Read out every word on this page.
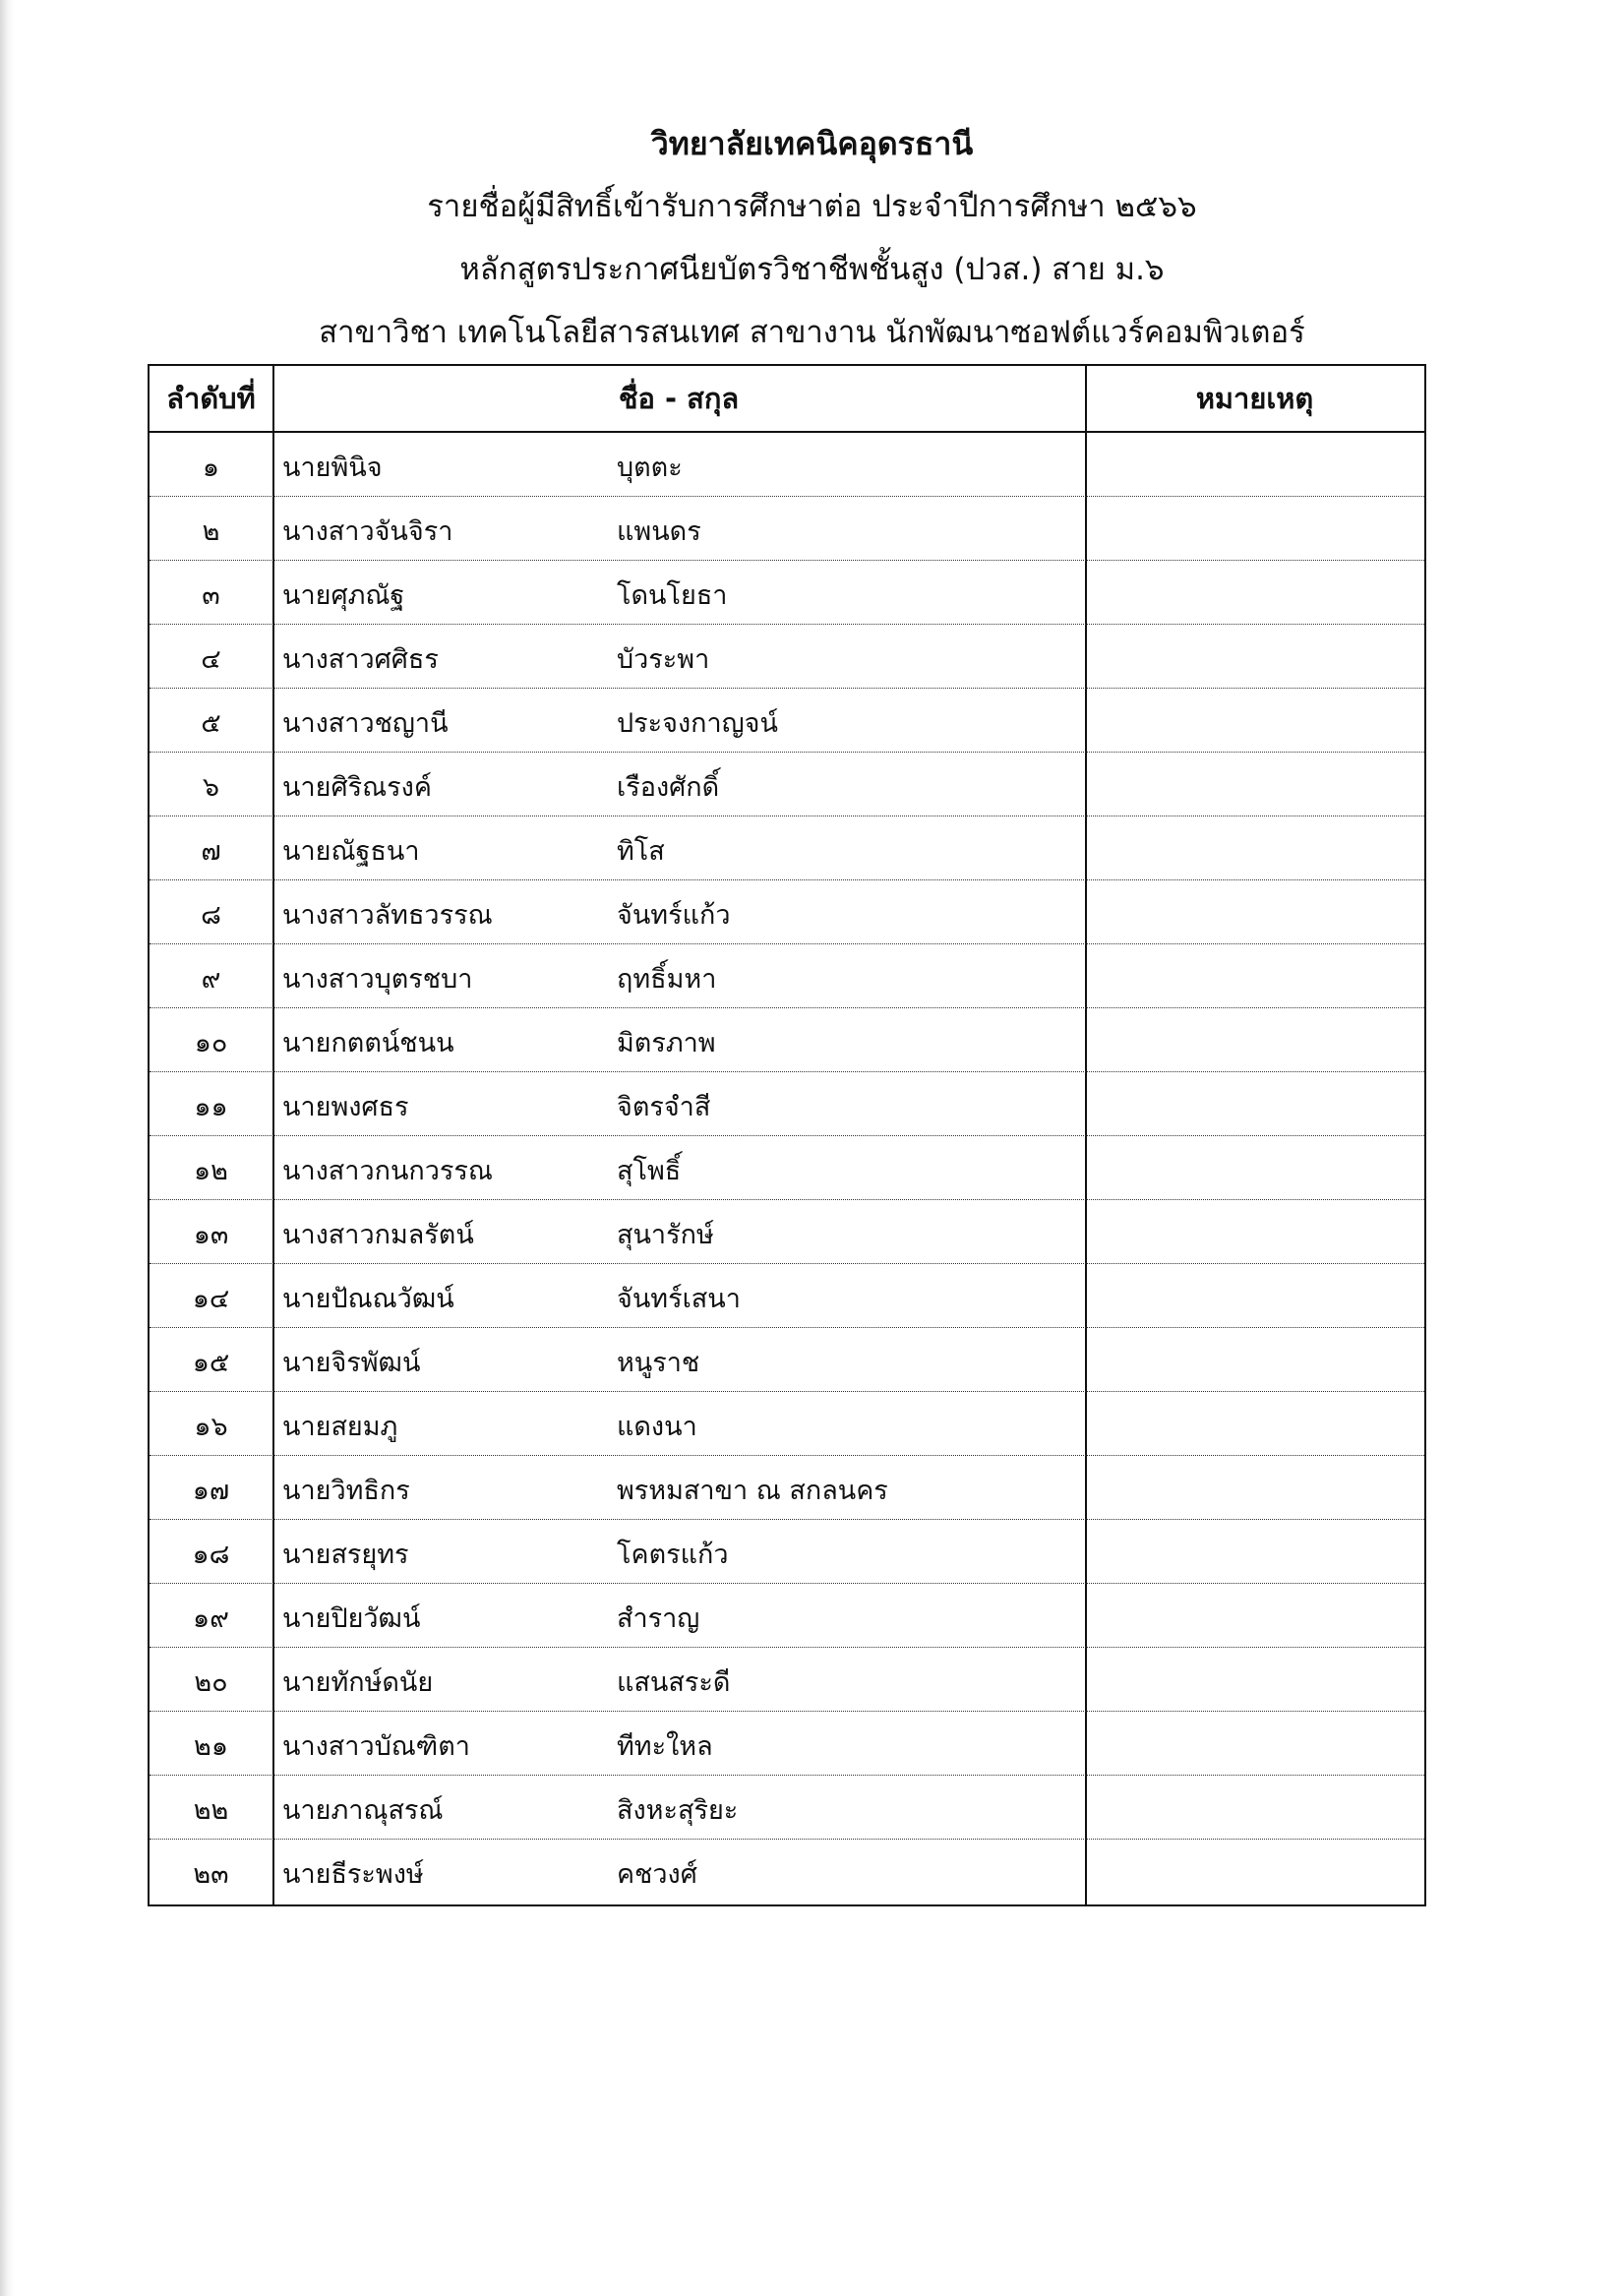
วิทยาลัยเทคนิคอุดรธานี
รายชื่อผู้มีสิทธิ์เข้ารับการศึกษาต่อ ประจำปีการศึกษา ๒๕๖๖
หลักสูตรประกาศนียบัตรวิชาชีพชั้นสูง (ปวส.) สาย ม.๖
สาขาวิชา เทคโนโลยีสารสนเทศ สาขางาน นักพัฒนาซอฟต์แวร์คอมพิวเตอร์
ลำดับที่	ชื่อ - สกุล	หมายเหตุ
๑	นายพินิจ	บุตตะ
๒	นางสาวจันจิรา	แพนดร
๓	นายศุภณัฐ	โดนโยธา
๔	นางสาวศศิธร	บัวระพา
๕	นางสาวชญานี	ประจงกาญจน์
๖	นายศิริณรงค์	เรืองศักดิ์
๗	นายณัฐธนา	ทิโส
๘	นางสาวลัทธวรรณ	จันทร์แก้ว
๙	นางสาวบุตรชบา	ฤทธิ์มหา
๑๐	นายกตตน์ชนน	มิตรภาพ
๑๑	นายพงศธร	จิตรจำสี
๑๒	นางสาวกนกวรรณ	สุโพธิ์
๑๓	นางสาวกมลรัตน์	สุนารักษ์
๑๔	นายปัณณวัฒน์	จันทร์เสนา
๑๕	นายจิรพัฒน์	หนูราช
๑๖	นายสยมภู	แดงนา
๑๗	นายวิทธิกร	พรหมสาขา ณ สกลนคร
๑๘	นายสรยุทร	โคตรแก้ว
๑๙	นายปิยวัฒน์	สำราญ
๒๐	นายทักษ์ดนัย	แสนสระดี
๒๑	นางสาวบัณฑิตา	ทีทะใหล
๒๒	นายภาณุสรณ์	สิงหะสุริยะ
๒๓	นายธีระพงษ์	คชวงศ์
